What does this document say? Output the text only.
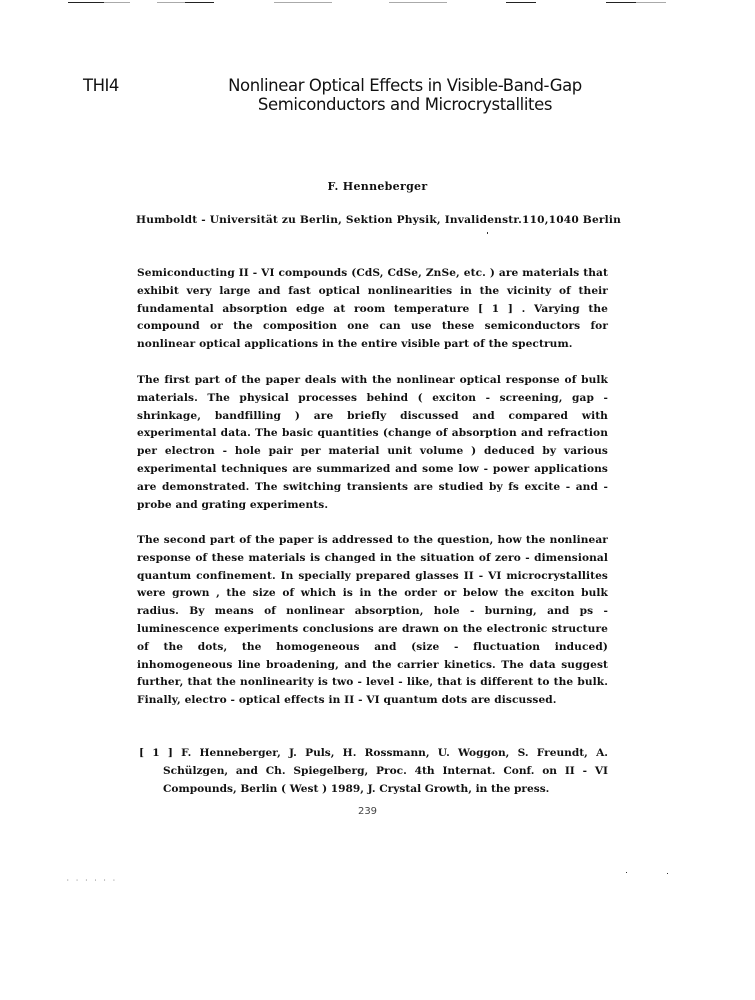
THI4	Nonlinear Optical Effects in Visible-Band-Gap
Semiconductors and Microcrystallites
F. Henneberger
Humboldt - Universität zu Berlin, Sektion Physik, Invalidenstr.110,1040 Berlin
Semiconducting II - VI compounds (CdS, CdSe, ZnSe, etc. ) are materials that exhibit very large and fast optical nonlinearities in the vicinity of their fundamental absorption edge at room temperature [ 1 ] . Varying the compound or the composition one can use these semiconductors for nonlinear optical applications in the entire visible part of the spectrum.
The first part of the paper deals with the nonlinear optical response of bulk materials. The physical processes behind ( exciton - screening, gap - shrinkage, bandfilling ) are briefly discussed and compared with experimental data. The basic quantities (change of absorption and refraction per electron - hole pair per material unit volume ) deduced by various experimental techniques are summarized and some low - power applications are demonstrated. The switching transients are studied by fs excite - and - probe and grating experiments.
The second part of the paper is addressed to the question, how the nonlinear response of these materials is changed in the situation of zero - dimensional quantum confinement. In specially prepared glasses II - VI microcrystallites were grown , the size of which is in the order or below the exciton bulk radius. By means of nonlinear absorption, hole - burning, and ps - luminescence experiments conclusions are drawn on the electronic structure of the dots, the homogeneous and (size - fluctuation induced) inhomogeneous line broadening, and the carrier kinetics. The data suggest further, that the nonlinearity is two - level - like, that is different to the bulk. Finally, electro - optical effects in II - VI quantum dots are discussed.
[ 1 ] F. Henneberger, J. Puls, H. Rossmann, U. Woggon, S. Freundt, A. Schülzgen, and Ch. Spiegelberg, Proc. 4th Internat. Conf. on II - VI Compounds, Berlin ( West ) 1989, J. Crystal Growth, in the press.
239
· · · · · ·
